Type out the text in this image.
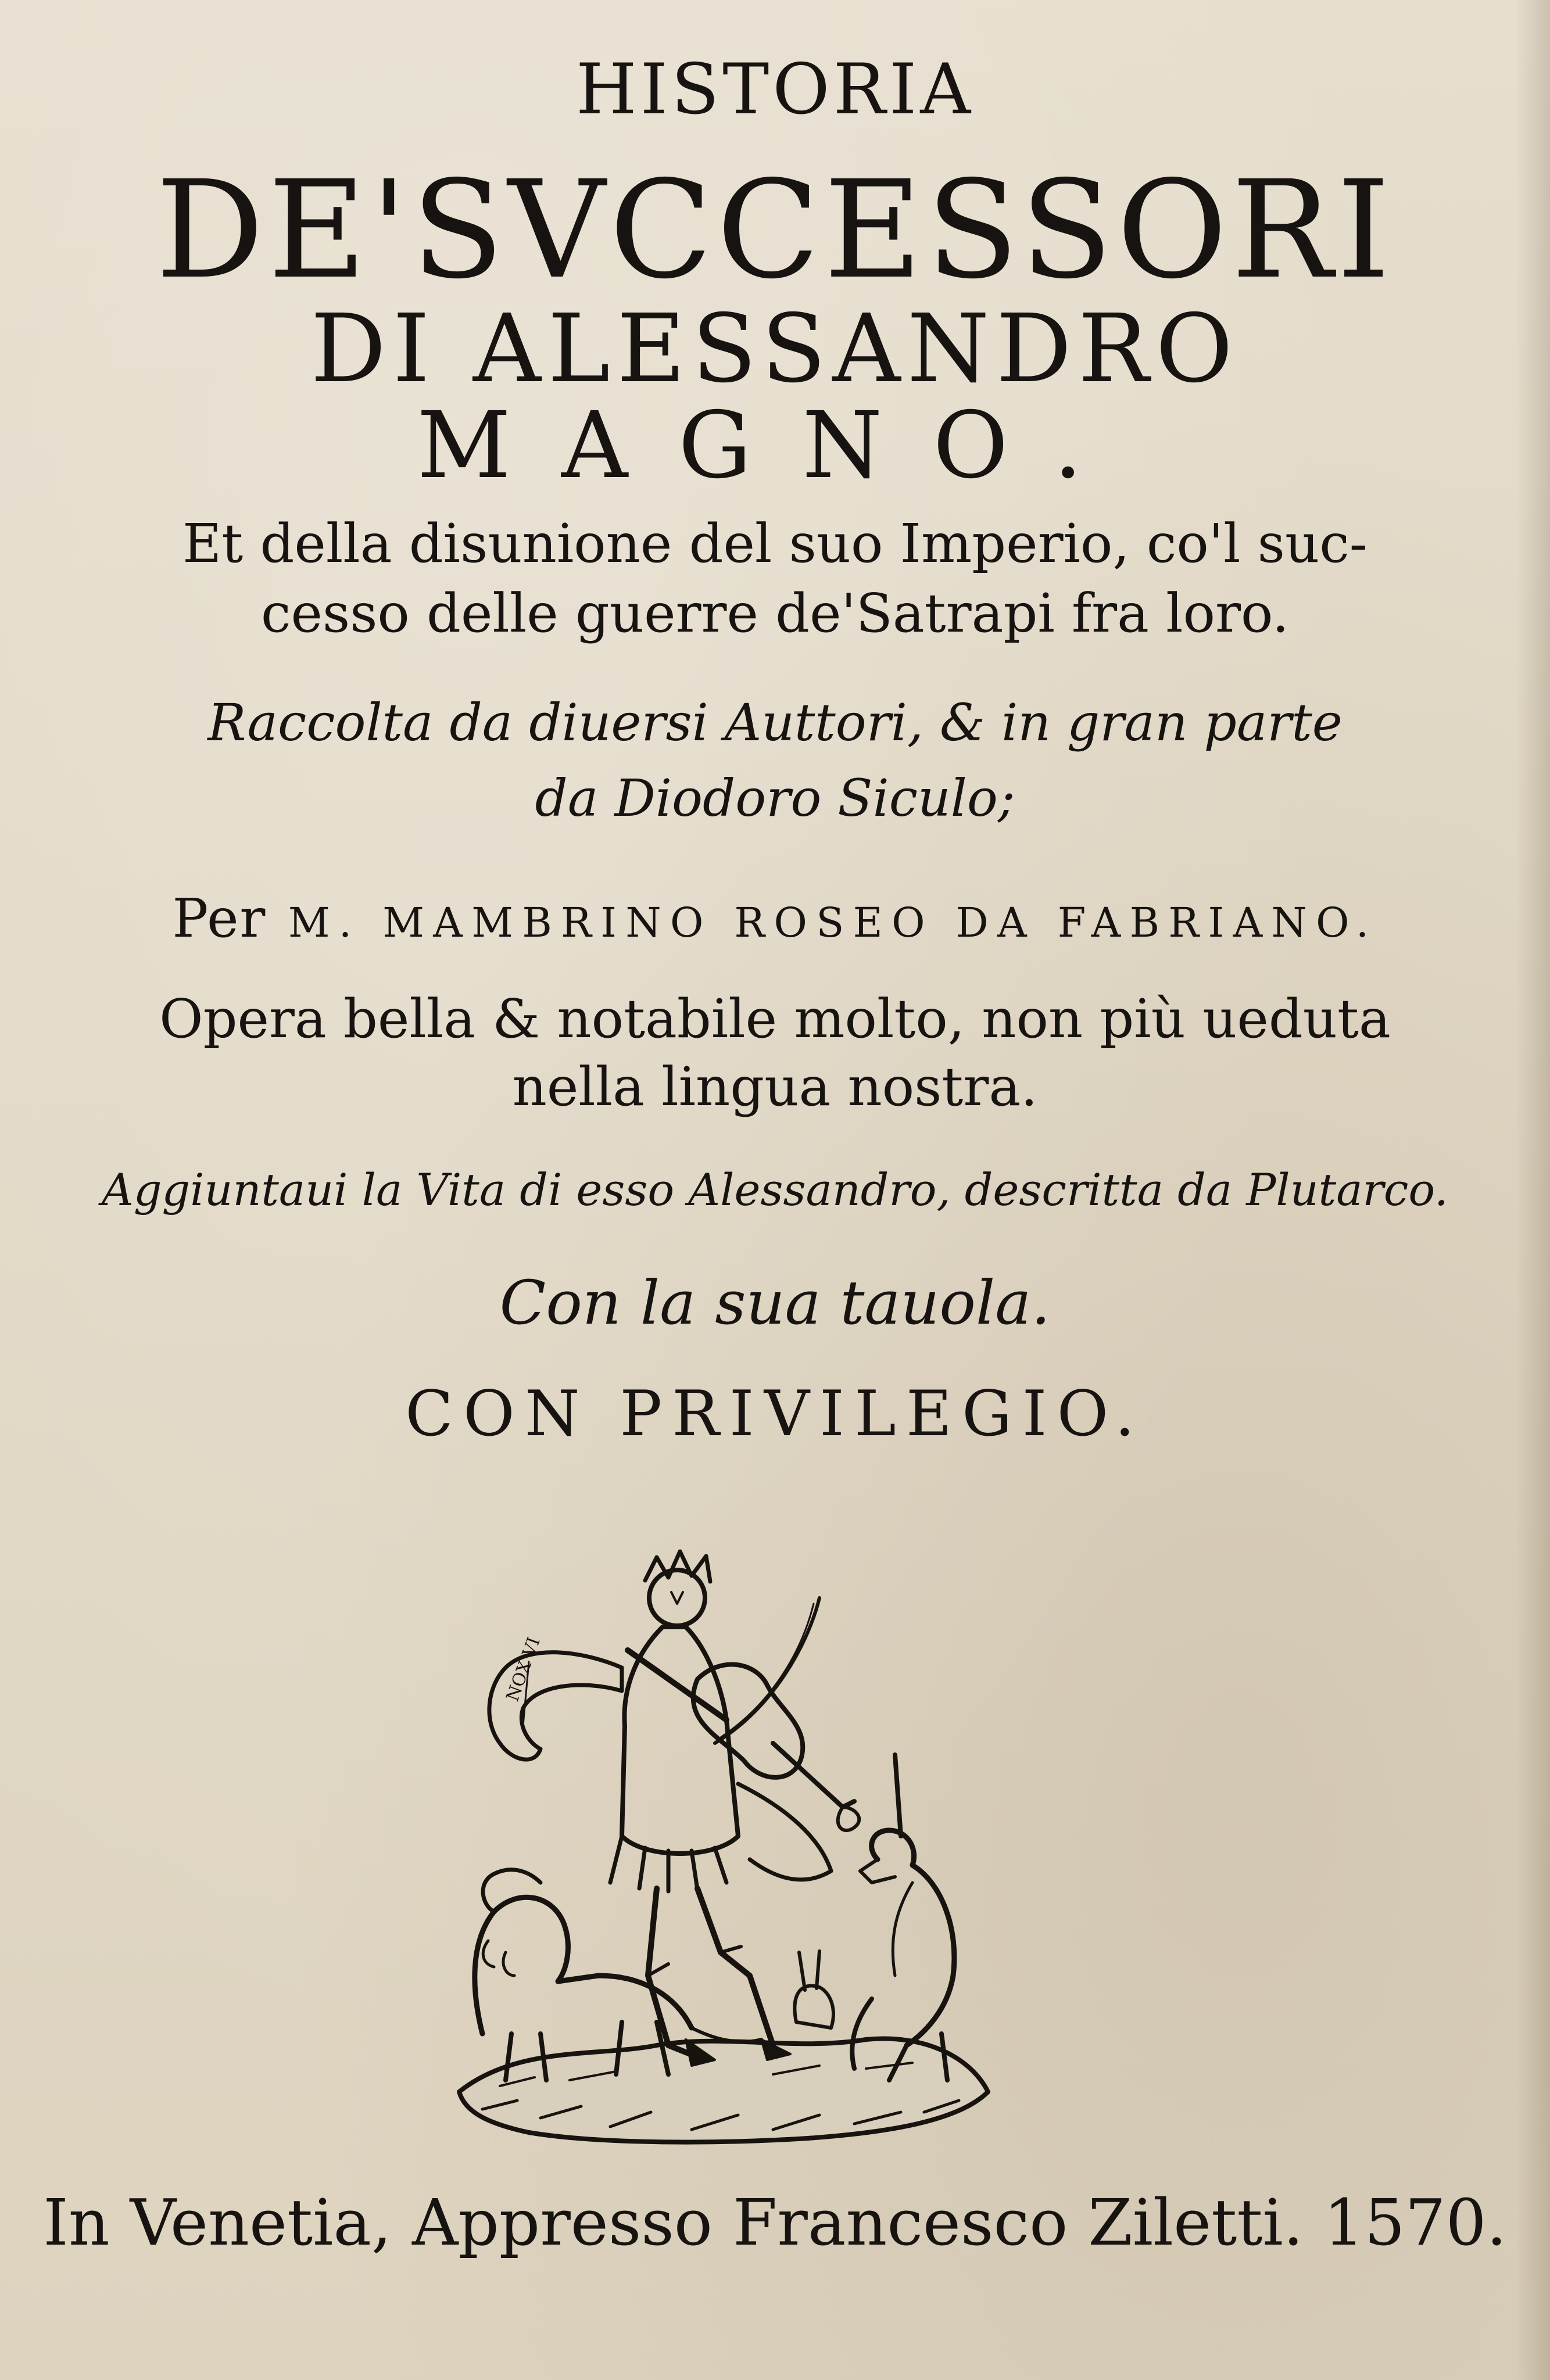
HISTORIA
DE'SVCCESSORI
DI ALESSANDRO
MAGNO.
Et della disunione del suo Imperio, co'l suc-
cesso delle guerre de'Satrapi fra loro.
Raccolta da diuersi Auttori, & in gran parte
da Diodoro Siculo;
Per M. MAMBRINO ROSEO DA FABRIANO.
Opera bella & notabile molto, non più ueduta
nella lingua nostra.
Aggiuntaui la Vita di esso Alessandro, descritta da Plutarco.
Con la sua tauola.
CON PRIVILEGIO.
NOX VI
In Venetia, Appresso Francesco Ziletti. 1570.
